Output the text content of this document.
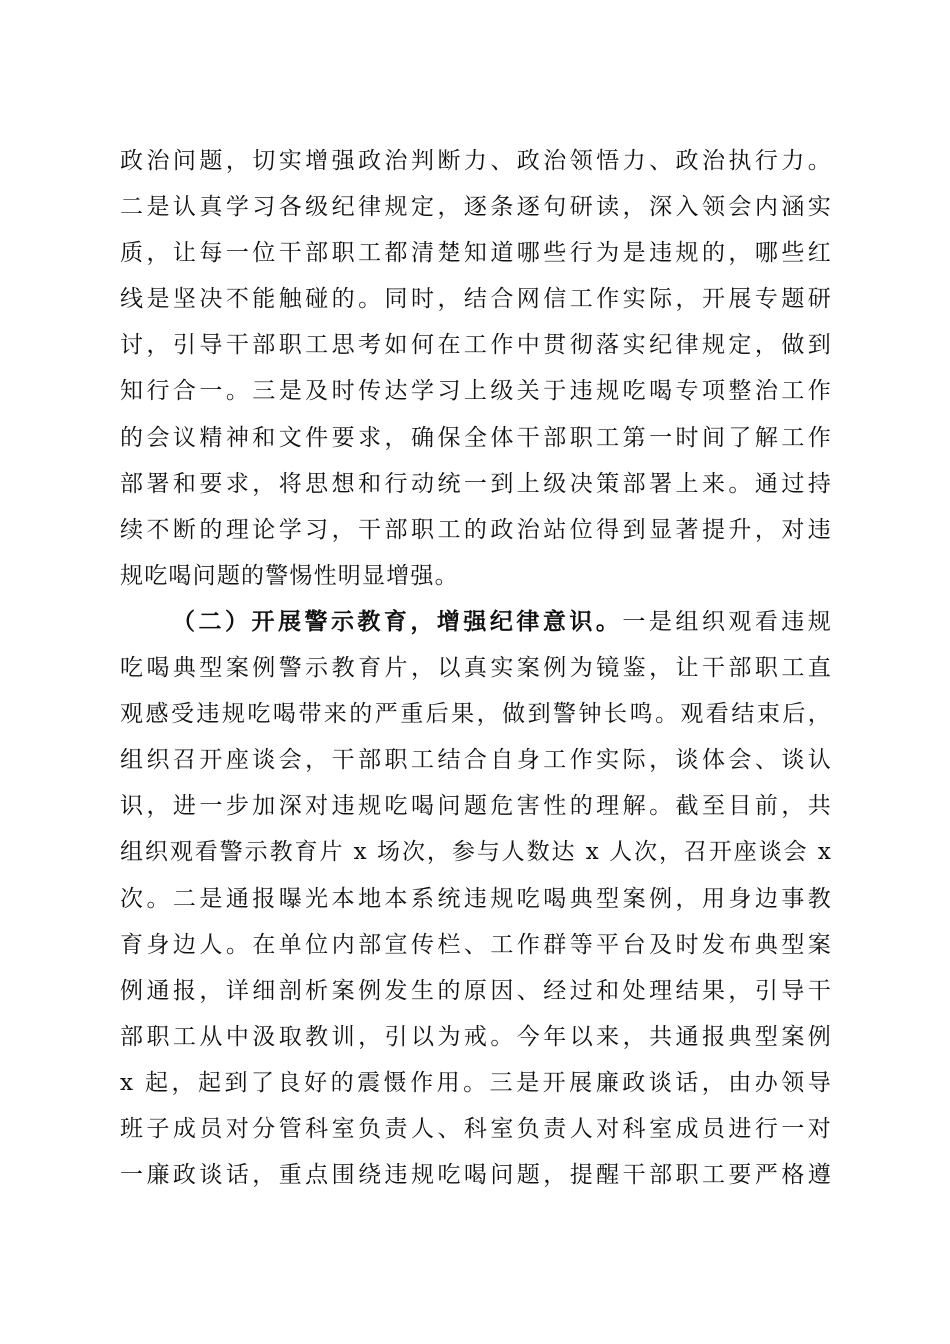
政治问题，切实增强政治判断力、政治领悟力、政治执行力。
二是认真学习各级纪律规定，逐条逐句研读，深入领会内涵实
质，让每一位干部职工都清楚知道哪些行为是违规的，哪些红
线是坚决不能触碰的。同时，结合网信工作实际，开展专题研
讨，引导干部职工思考如何在工作中贯彻落实纪律规定，做到
知行合一。三是及时传达学习上级关于违规吃喝专项整治工作
的会议精神和文件要求，确保全体干部职工第一时间了解工作
部署和要求，将思想和行动统一到上级决策部署上来。通过持
续不断的理论学习，干部职工的政治站位得到显著提升，对违
规吃喝问题的警惕性明显增强。
（二）开展警示教育，增强纪律意识。一是组织观看违规
吃喝典型案例警示教育片，以真实案例为镜鉴，让干部职工直
观感受违规吃喝带来的严重后果，做到警钟长鸣。观看结束后，
组织召开座谈会，干部职工结合自身工作实际，谈体会、谈认
识，进一步加深对违规吃喝问题危害性的理解。截至目前，共
组织观看警示教育片 x 场次，参与人数达 x 人次，召开座谈会 x
次。二是通报曝光本地本系统违规吃喝典型案例，用身边事教
育身边人。在单位内部宣传栏、工作群等平台及时发布典型案
例通报，详细剖析案例发生的原因、经过和处理结果，引导干
部职工从中汲取教训，引以为戒。今年以来，共通报典型案例
x 起，起到了良好的震慑作用。三是开展廉政谈话，由办领导
班子成员对分管科室负责人、科室负责人对科室成员进行一对
一廉政谈话，重点围绕违规吃喝问题，提醒干部职工要严格遵
